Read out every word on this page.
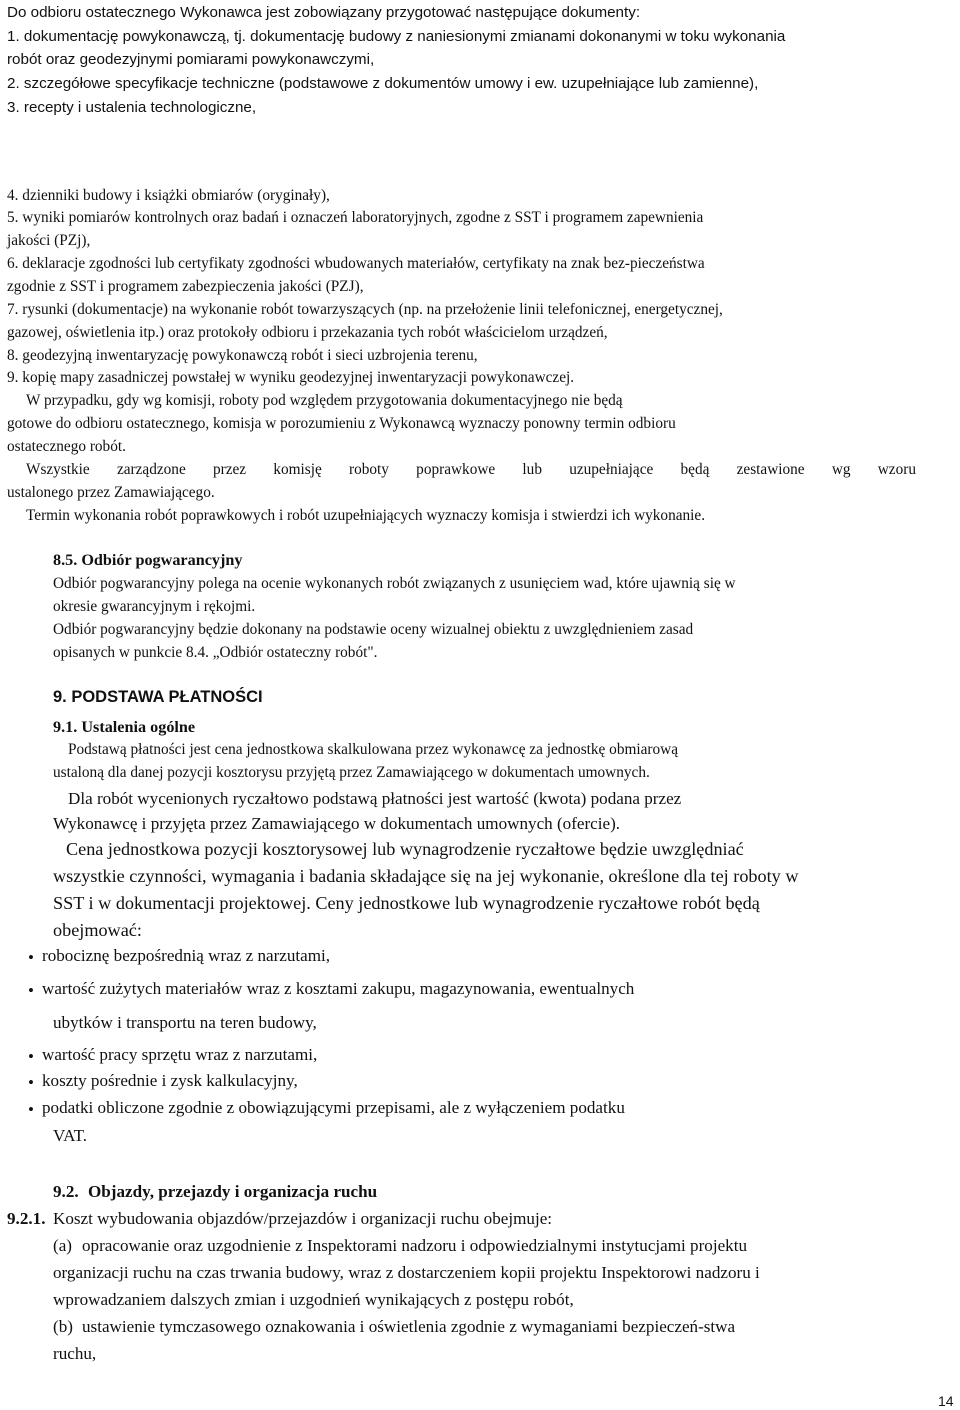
Do odbioru ostatecznego Wykonawca jest zobowiązany przygotować następujące dokumenty:
1. dokumentację powykonawczą, tj. dokumentację budowy z naniesionymi zmianami dokonanymi w toku wykonania
robót oraz geodezyjnymi pomiarami powykonawczymi,
2. szczegółowe specyfikacje techniczne (podstawowe z dokumentów umowy i ew. uzupełniające lub zamienne),
3. recepty i ustalenia technologiczne,
4. dzienniki budowy i książki obmiarów (oryginały),
5. wyniki pomiarów kontrolnych oraz badań i oznaczeń laboratoryjnych, zgodne z SST i programem zapewnienia
jakości (PZj),
6. deklaracje zgodności lub certyfikaty zgodności wbudowanych materiałów, certyfikaty na znak bez-pieczeństwa
zgodnie z SST i programem zabezpieczenia jakości (PZJ),
7. rysunki (dokumentacje) na wykonanie robót towarzyszących (np. na przełożenie linii telefonicznej, energetycznej,
gazowej, oświetlenia itp.) oraz protokoły odbioru i przekazania tych robót właścicielom urządzeń,
8. geodezyjną inwentaryzację powykonawczą robót i sieci uzbrojenia terenu,
9. kopię mapy zasadniczej powstałej w wyniku geodezyjnej inwentaryzacji powykonawczej.
W przypadku, gdy wg komisji, roboty pod względem przygotowania dokumentacyjnego nie będą
gotowe do odbioru ostatecznego, komisja w porozumieniu z Wykonawcą wyznaczy ponowny termin odbioru
ostatecznego robót.
Wszystkie zarządzone przez komisję roboty poprawkowe lub uzupełniające będą zestawione wg wzoru
ustalonego przez Zamawiającego.
Termin wykonania robót poprawkowych i robót uzupełniających wyznaczy komisja i stwierdzi ich wykonanie.
8.5. Odbiór pogwarancyjny
Odbiór pogwarancyjny polega na ocenie wykonanych robót związanych z usunięciem wad, które ujawnią się w
okresie gwarancyjnym i rękojmi.
Odbiór pogwarancyjny będzie dokonany na podstawie oceny wizualnej obiektu z uwzględnieniem zasad
opisanych w punkcie 8.4. „Odbiór ostateczny robót".
9. PODSTAWA PŁATNOŚCI
9.1. Ustalenia ogólne
Podstawą płatności jest cena jednostkowa skalkulowana przez wykonawcę za jednostkę obmiarową
ustaloną dla danej pozycji kosztorysu przyjętą przez Zamawiającego w dokumentach umownych.
Dla robót wycenionych ryczałtowo podstawą płatności jest wartość (kwota) podana przez
Wykonawcę i przyjęta przez Zamawiającego w dokumentach umownych (ofercie).
Cena jednostkowa pozycji kosztorysowej lub wynagrodzenie ryczałtowe będzie uwzględniać
wszystkie czynności, wymagania i badania składające się na jej wykonanie, określone dla tej roboty w
SST i w dokumentacji projektowej. Ceny jednostkowe lub wynagrodzenie ryczałtowe robót będą
obejmować:
• robociznę bezpośrednią wraz z narzutami,
• wartość zużytych materiałów wraz z kosztami zakupu, magazynowania, ewentualnych
ubytków i transportu na teren budowy,
• wartość pracy sprzętu wraz z narzutami,
• koszty pośrednie i zysk kalkulacyjny,
• podatki obliczone zgodnie z obowiązującymi przepisami, ale z wyłączeniem podatku
VAT.
9.2. Objazdy, przejazdy i organizacja ruchu
9.2.1. Koszt wybudowania objazdów/przejazdów i organizacji ruchu obejmuje:
(a) opracowanie oraz uzgodnienie z Inspektorami nadzoru i odpowiedzialnymi instytucjami projektu
organizacji ruchu na czas trwania budowy, wraz z dostarczeniem kopii projektu Inspektorowi nadzoru i
wprowadzaniem dalszych zmian i uzgodnień wynikających z postępu robót,
(b) ustawienie tymczasowego oznakowania i oświetlenia zgodnie z wymaganiami bezpieczeń-stwa
ruchu,
14
